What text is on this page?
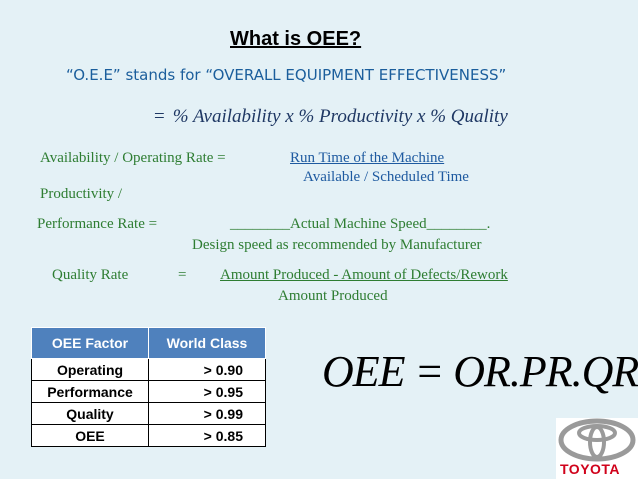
What is OEE?
“O.E.E” stands for “OVERALL EQUIPMENT EFFECTIVENESS”
= % Availability x % Productivity x % Quality
Availability / Operating Rate =	Run Time of the Machine
Available / Scheduled Time
Productivity /
Performance Rate =	________Actual Machine Speed________.
Design speed as recommended by Manufacturer
Quality Rate	= Amount Produced - Amount of Defects/Rework
Amount Produced
OEE Factor	World Class
Operating	> 0.90
Performance	> 0.95
Quality	> 0.99
OEE	> 0.85
OEE = OR.PR.QR
TOYOTA
